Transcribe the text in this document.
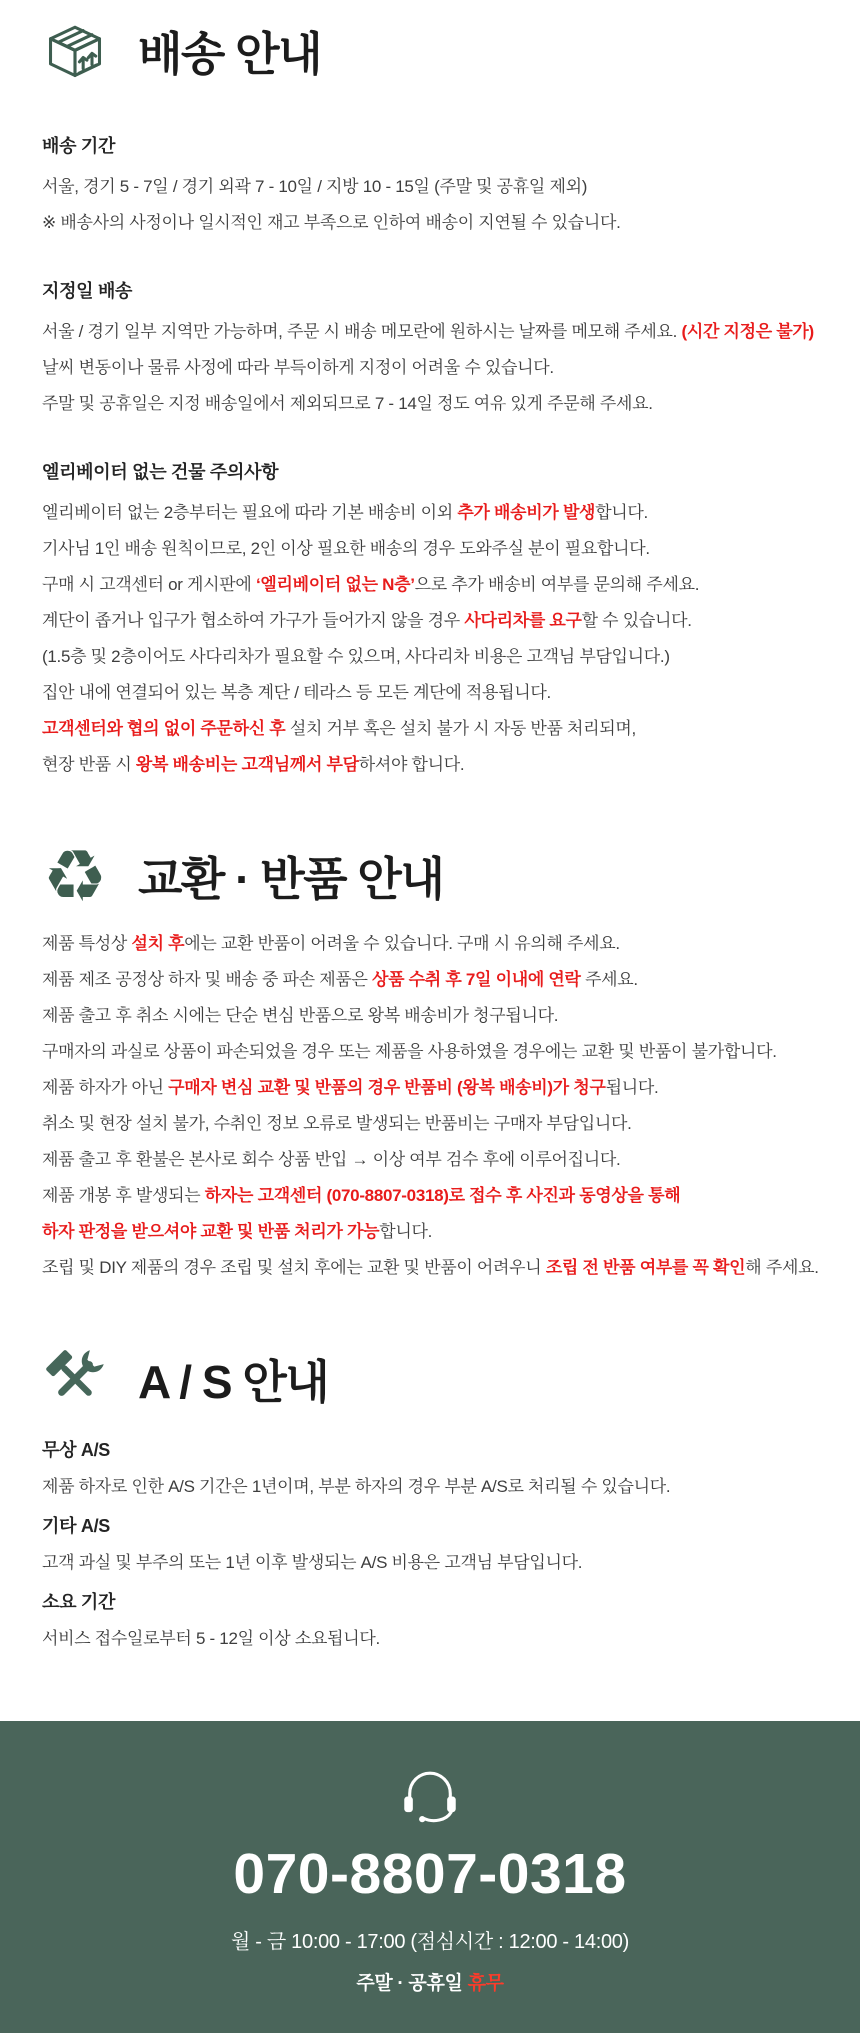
배송 안내
배송 기간
서울, 경기 5 - 7일 / 경기 외곽 7 - 10일 / 지방 10 - 15일 (주말 및 공휴일 제외)
※ 배송사의 사정이나 일시적인 재고 부족으로 인하여 배송이 지연될 수 있습니다.
지정일 배송
서울 / 경기 일부 지역만 가능하며, 주문 시 배송 메모란에 원하시는 날짜를 메모해 주세요. (시간 지정은 불가)
날씨 변동이나 물류 사정에 따라 부득이하게 지정이 어려울 수 있습니다.
주말 및 공휴일은 지정 배송일에서 제외되므로 7 - 14일 정도 여유 있게 주문해 주세요.
엘리베이터 없는 건물 주의사항
엘리베이터 없는 2층부터는 필요에 따라 기본 배송비 이외 추가 배송비가 발생합니다.
기사님 1인 배송 원칙이므로, 2인 이상 필요한 배송의 경우 도와주실 분이 필요합니다.
구매 시 고객센터 or 게시판에 ‘엘리베이터 없는 N층’으로 추가 배송비 여부를 문의해 주세요.
계단이 좁거나 입구가 협소하여 가구가 들어가지 않을 경우 사다리차를 요구할 수 있습니다.
(1.5층 및 2층이어도 사다리차가 필요할 수 있으며, 사다리차 비용은 고객님 부담입니다.)
집안 내에 연결되어 있는 복층 계단 / 테라스 등 모든 계단에 적용됩니다.
고객센터와 협의 없이 주문하신 후 설치 거부 혹은 설치 불가 시 자동 반품 처리되며,
현장 반품 시 왕복 배송비는 고객님께서 부담하셔야 합니다.
♻ 교환 · 반품 안내
제품 특성상 설치 후에는 교환 반품이 어려울 수 있습니다. 구매 시 유의해 주세요.
제품 제조 공정상 하자 및 배송 중 파손 제품은 상품 수취 후 7일 이내에 연락 주세요.
제품 출고 후 취소 시에는 단순 변심 반품으로 왕복 배송비가 청구됩니다.
구매자의 과실로 상품이 파손되었을 경우 또는 제품을 사용하였을 경우에는 교환 및 반품이 불가합니다.
제품 하자가 아닌 구매자 변심 교환 및 반품의 경우 반품비 (왕복 배송비)가 청구됩니다.
취소 및 현장 설치 불가, 수취인 정보 오류로 발생되는 반품비는 구매자 부담입니다.
제품 출고 후 환불은 본사로 회수 상품 반입 → 이상 여부 검수 후에 이루어집니다.
제품 개봉 후 발생되는 하자는 고객센터 (070-8807-0318)로 접수 후 사진과 동영상을 통해
하자 판정을 받으셔야 교환 및 반품 처리가 가능합니다.
조립 및 DIY 제품의 경우 조립 및 설치 후에는 교환 및 반품이 어려우니 조립 전 반품 여부를 꼭 확인해 주세요.
A / S 안내
무상 A/S
제품 하자로 인한 A/S 기간은 1년이며, 부분 하자의 경우 부분 A/S로 처리될 수 있습니다.
기타 A/S
고객 과실 및 부주의 또는 1년 이후 발생되는 A/S 비용은 고객님 부담입니다.
소요 기간
서비스 접수일로부터 5 - 12일 이상 소요됩니다.
070-8807-0318
월 - 금 10:00 - 17:00 (점심시간 : 12:00 - 14:00)
주말 · 공휴일 휴무
